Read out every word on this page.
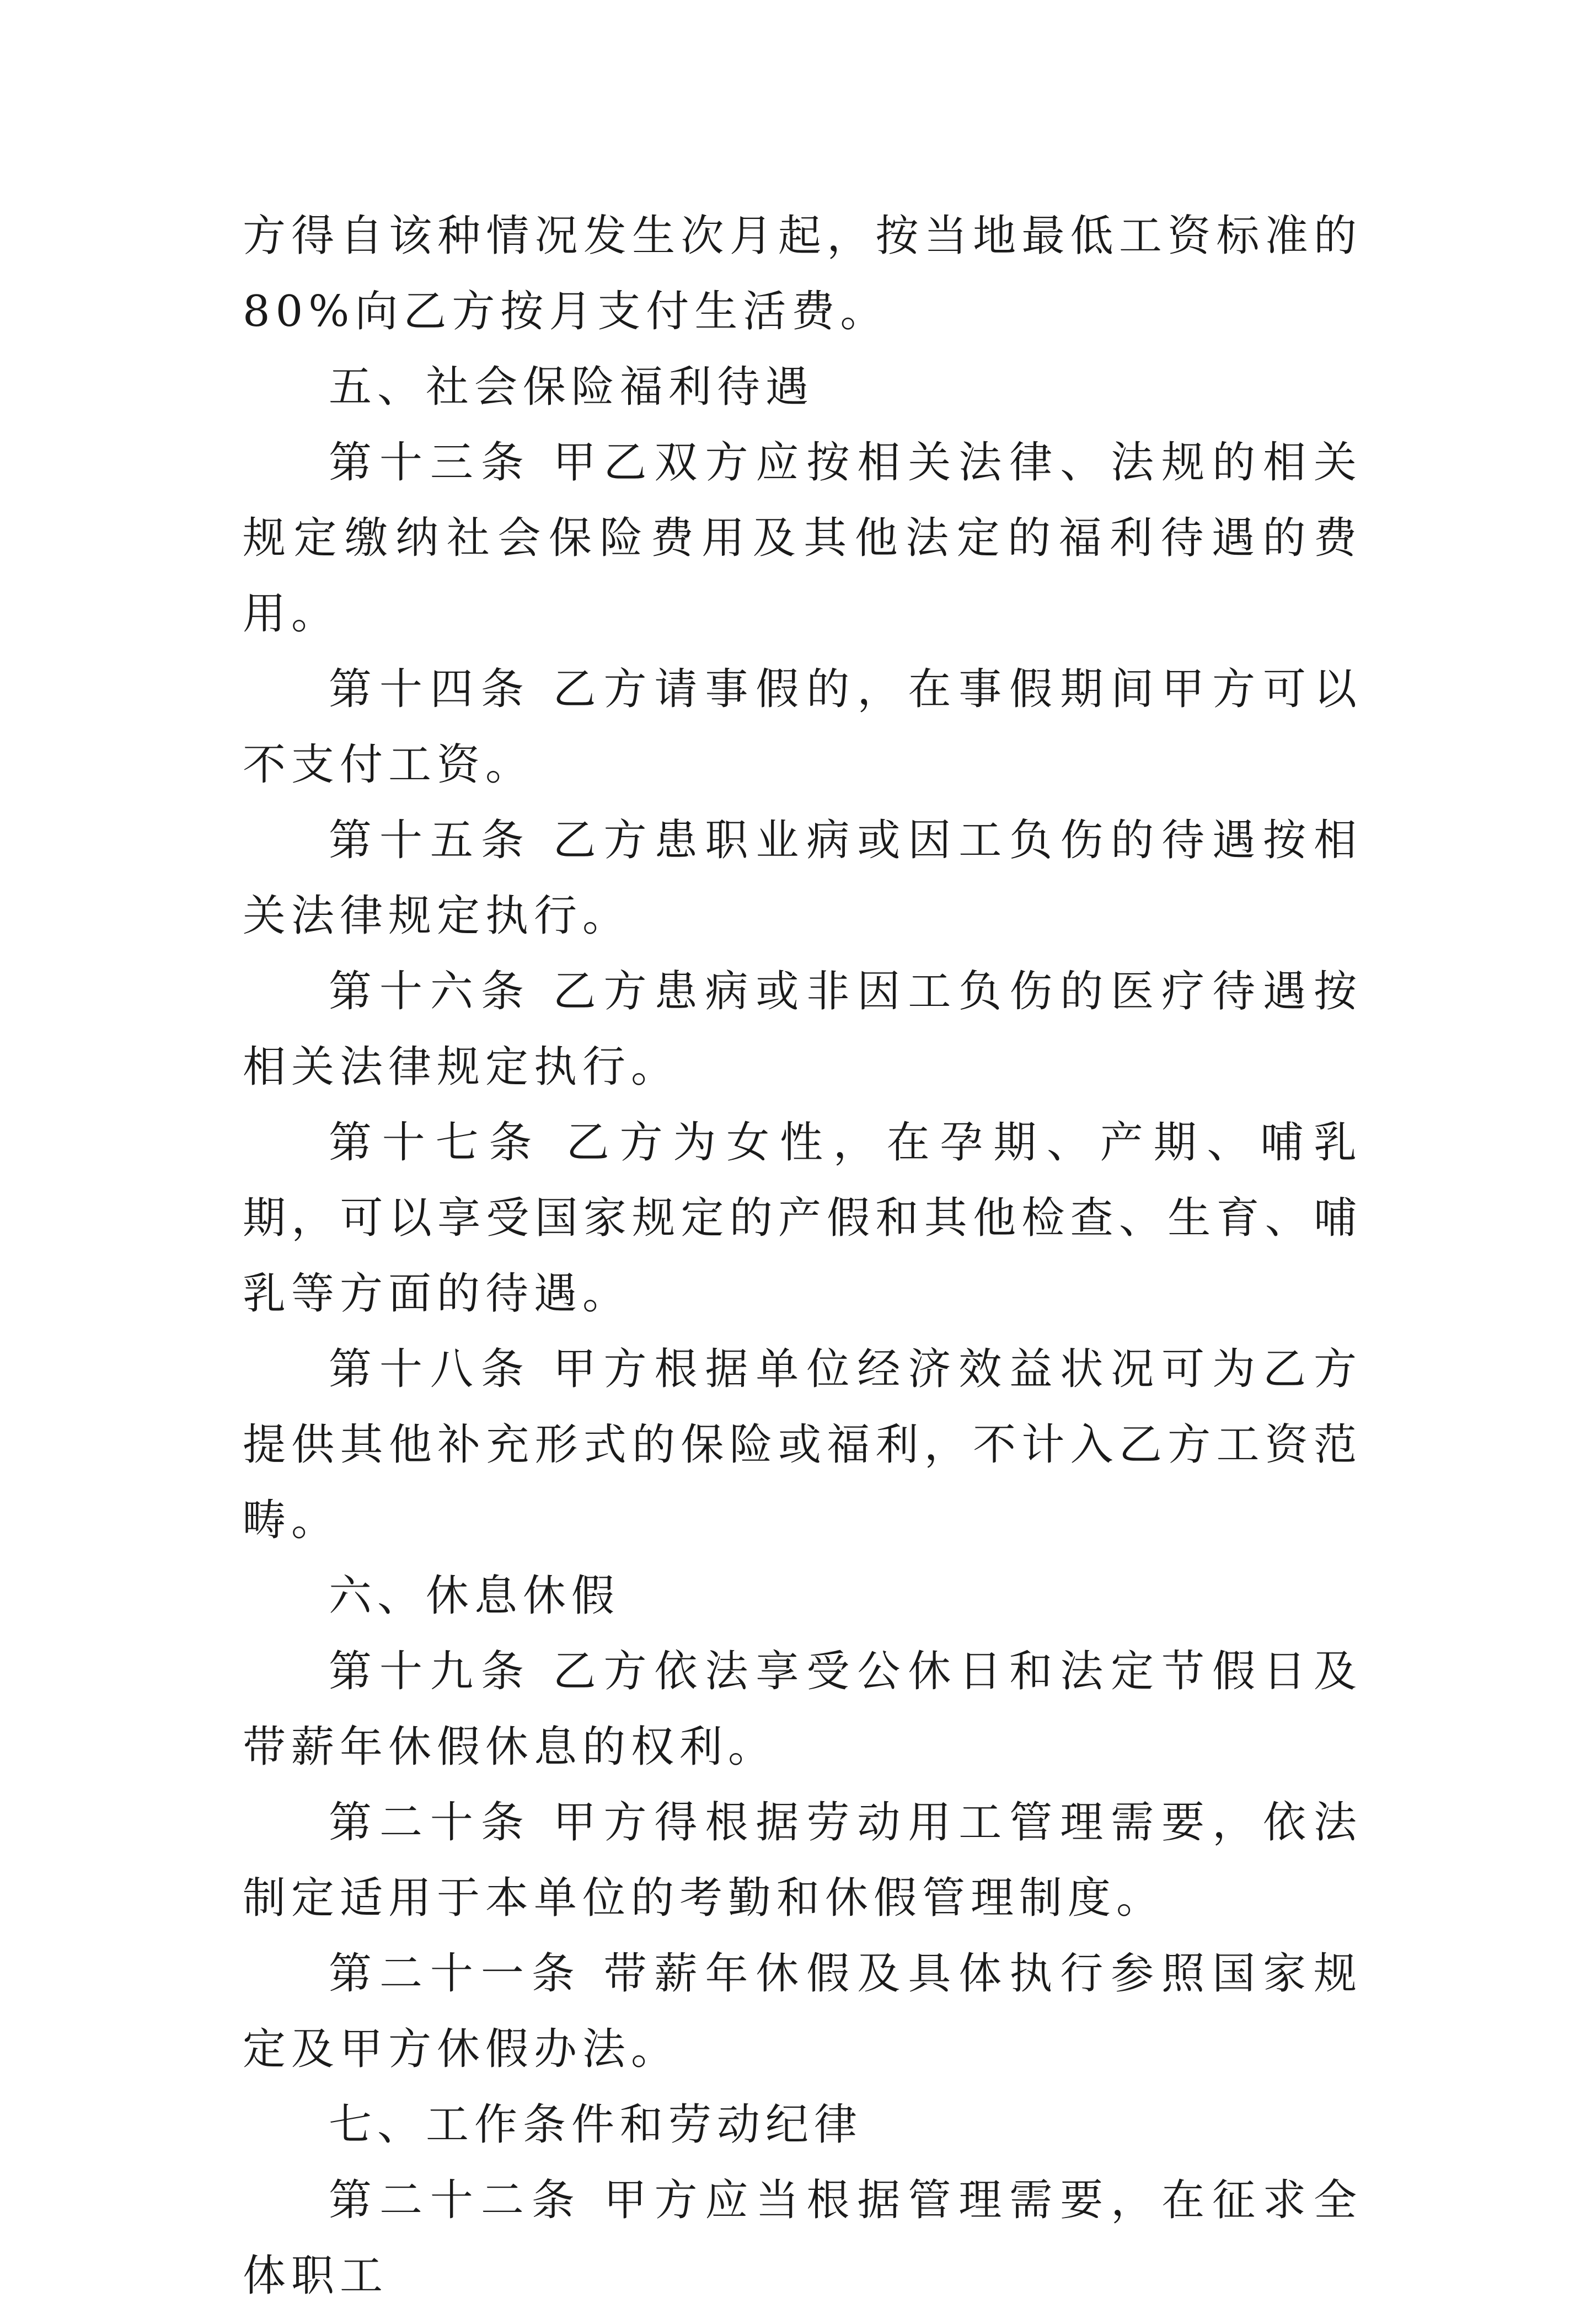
方得自该种情况发生次月起，按当地最低工资标准的80%向乙方按月支付生活费。

五、社会保险福利待遇

第十三条 甲乙双方应按相关法律、法规的相关规定缴纳社会保险费用及其他法定的福利待遇的费用。

第十四条 乙方请事假的，在事假期间甲方可以不支付工资。

第十五条 乙方患职业病或因工负伤的待遇按相关法律规定执行。

第十六条 乙方患病或非因工负伤的医疗待遇按相关法律规定执行。

第十七条 乙方为女性，在孕期、产期、哺乳期，可以享受国家规定的产假和其他检查、生育、哺乳等方面的待遇。

第十八条 甲方根据单位经济效益状况可为乙方提供其他补充形式的保险或福利，不计入乙方工资范畴。

六、休息休假

第十九条 乙方依法享受公休日和法定节假日及带薪年休假休息的权利。

第二十条 甲方得根据劳动用工管理需要，依法制定适用于本单位的考勤和休假管理制度。

第二十一条 带薪年休假及具体执行参照国家规定及甲方休假办法。

七、工作条件和劳动纪律

第二十二条 甲方应当根据管理需要，在征求全体职工
